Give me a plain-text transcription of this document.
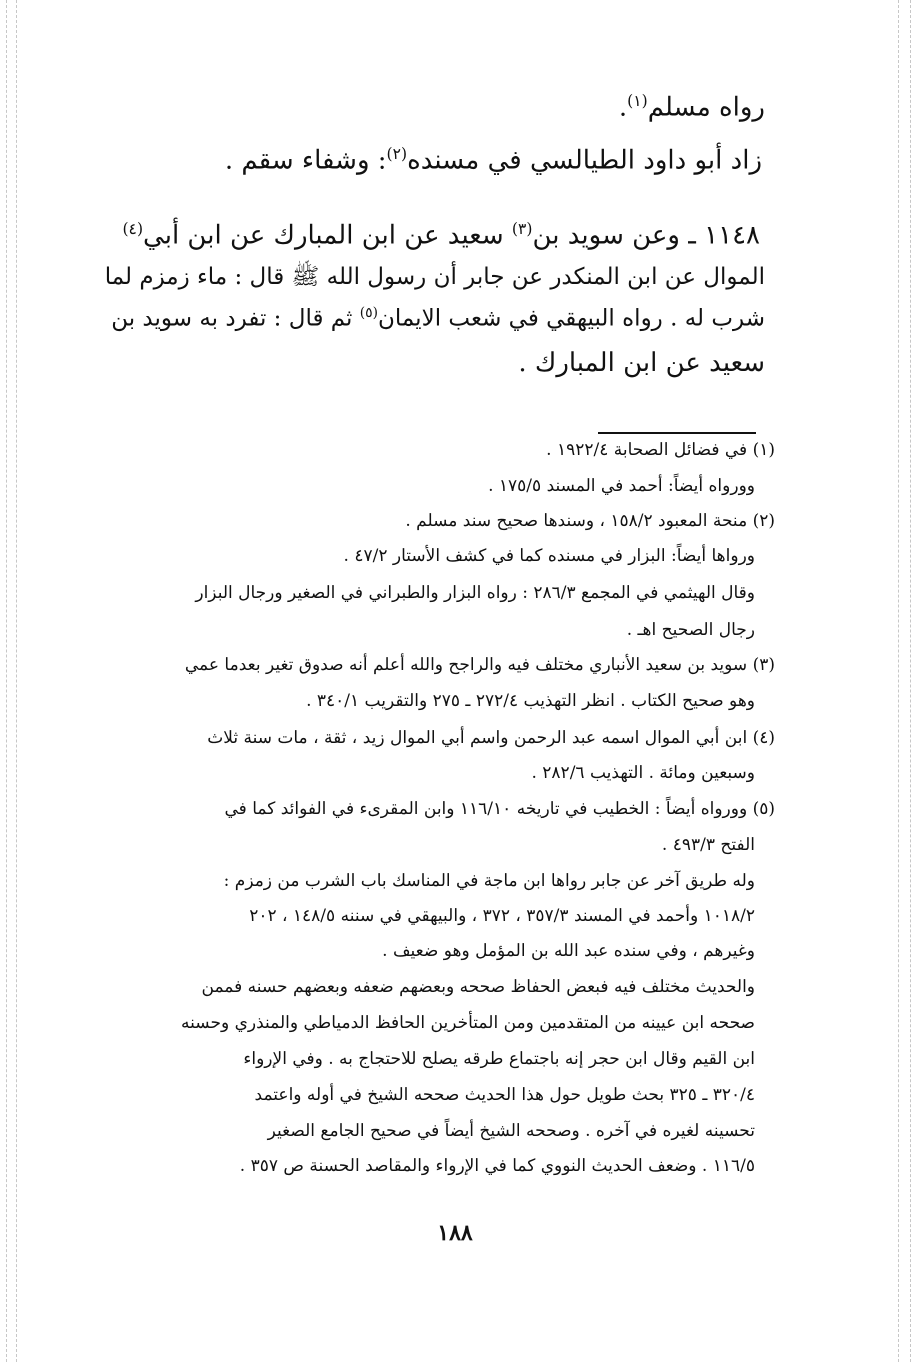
رواه مسلم$^{(١)}$.
زاد أبو داود الطيالسي في مسنده$^{(٢)}$: وشفاء سقم .
١١٤٨ ـ وعن سويد بن$^{(٣)}$ سعيد عن ابن المبارك عن ابن أبي$^{(٤)}$
الموال عن ابن المنكدر عن جابر أن رسول الله ﷺ قال : ماء زمزم لما
شرب له . رواه البيهقي في شعب الايمان$^{(٥)}$ ثم قال : تفرد به سويد بن
سعيد عن ابن المبارك .
(١) في فضائل الصحابة ١٩٢٢/٤ .
وورواه أيضاً: أحمد في المسند ١٧٥/٥ .
(٢) منحة المعبود ١٥٨/٢ ، وسندها صحيح سند مسلم .
ورواها أيضاً: البزار في مسنده كما في كشف الأستار ٤٧/٢ .
وقال الهيثمي في المجمع ٢٨٦/٣ : رواه البزار والطبراني في الصغير ورجال البزار
رجال الصحيح اهـ .
(٣) سويد بن سعيد الأنباري مختلف فيه والراجح والله أعلم أنه صدوق تغير بعدما عمي
وهو صحيح الكتاب . انظر التهذيب ٢٧٢/٤ ـ ٢٧٥ والتقريب ٣٤٠/١ .
(٤) ابن أبي الموال اسمه عبد الرحمن واسم أبي الموال زيد ، ثقة ، مات سنة ثلاث
وسبعين ومائة . التهذيب ٢٨٢/٦ .
(٥) وورواه أيضاً : الخطيب في تاريخه ١١٦/١٠ وابن المقرىء في الفوائد كما في
الفتح ٤٩٣/٣ .
وله طريق آخر عن جابر رواها ابن ماجة في المناسك باب الشرب من زمزم :
١٠١٨/٢ وأحمد في المسند ٣٥٧/٣ ، ٣٧٢ ، والبيهقي في سننه ١٤٨/٥ ، ٢٠٢
وغيرهم ، وفي سنده عبد الله بن المؤمل وهو ضعيف .
والحديث مختلف فيه فبعض الحفاظ صححه وبعضهم ضعفه وبعضهم حسنه فممن
صححه ابن عيينه من المتقدمين ومن المتأخرين الحافظ الدمياطي والمنذري وحسنه
ابن القيم وقال ابن حجر إنه باجتماع طرقه يصلح للاحتجاج به . وفي الإرواء
٣٢٠/٤ ـ ٣٢٥ بحث طويل حول هذا الحديث صححه الشيخ في أوله واعتمد
تحسينه لغيره في آخره . وصححه الشيخ أيضاً في صحيح الجامع الصغير
١١٦/٥ . وضعف الحديث النووي كما في الإرواء والمقاصد الحسنة ص ٣٥٧ .
١٨٨
